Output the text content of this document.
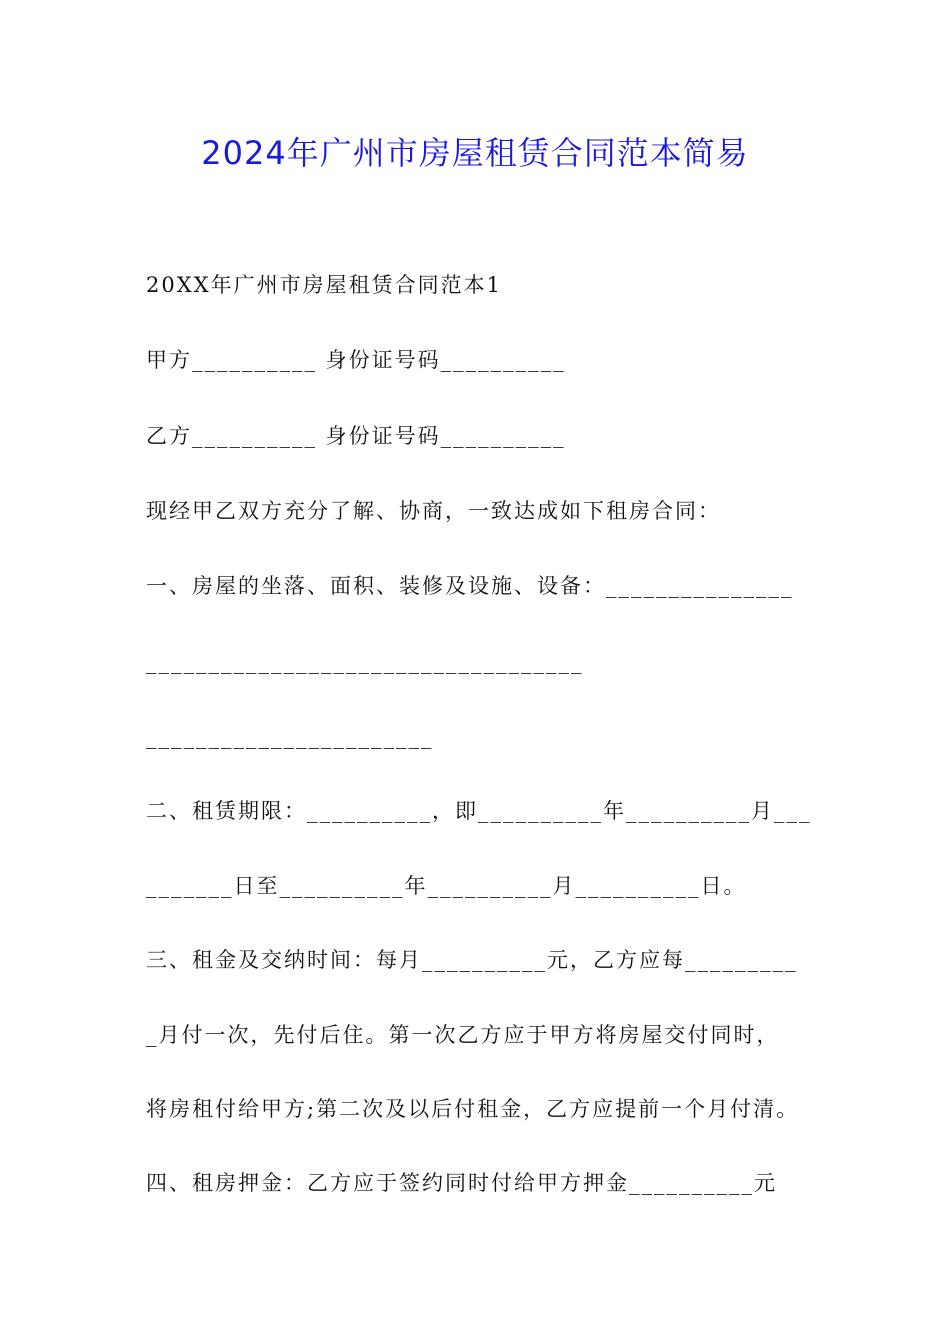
2024年广州市房屋租赁合同范本简易
20XX年广州市房屋租赁合同范本1
甲方__________ 身份证号码__________
乙方__________ 身份证号码__________
现经甲乙双方充分了解、协商，一致达成如下租房合同：
一、房屋的坐落、面积、装修及设施、设备：_______________
___________________________________
_______________________
二、租赁期限：__________，即__________年__________月___
_______日至__________年__________月__________日。
三、租金及交纳时间：每月__________元，乙方应每_________
_月付一次，先付后住。第一次乙方应于甲方将房屋交付同时，
将房租付给甲方;第二次及以后付租金，乙方应提前一个月付清。
四、租房押金：乙方应于签约同时付给甲方押金__________元
